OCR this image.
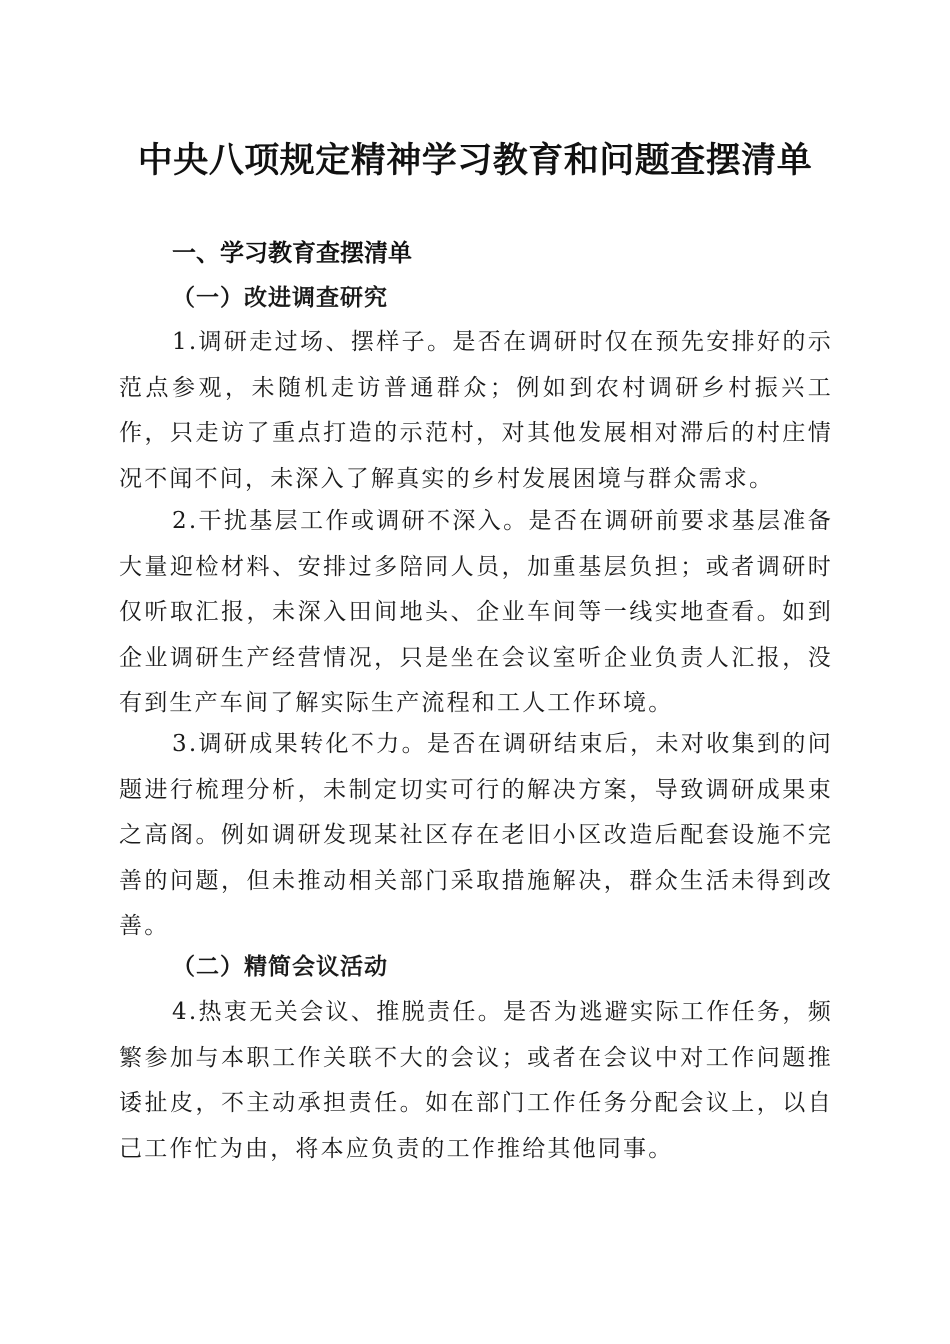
中央八项规定精神学习教育和问题查摆清单
一、学习教育查摆清单
（一）改进调查研究

1.调研走过场、摆样子。是否在调研时仅在预先安排好的示范点参观，未随机走访普通群众；例如到农村调研乡村振兴工作，只走访了重点打造的示范村，对其他发展相对滞后的村庄情况不闻不问，未深入了解真实的乡村发展困境与群众需求。

2.干扰基层工作或调研不深入。是否在调研前要求基层准备大量迎检材料、安排过多陪同人员，加重基层负担；或者调研时仅听取汇报，未深入田间地头、企业车间等一线实地查看。如到企业调研生产经营情况，只是坐在会议室听企业负责人汇报，没有到生产车间了解实际生产流程和工人工作环境。

3.调研成果转化不力。是否在调研结束后，未对收集到的问题进行梳理分析，未制定切实可行的解决方案，导致调研成果束之高阁。例如调研发现某社区存在老旧小区改造后配套设施不完善的问题，但未推动相关部门采取措施解决，群众生活未得到改善。

（二）精简会议活动

4.热衷无关会议、推脱责任。是否为逃避实际工作任务，频繁参加与本职工作关联不大的会议；或者在会议中对工作问题推诿扯皮，不主动承担责任。如在部门工作任务分配会议上，以自己工作忙为由，将本应负责的工作推给其他同事。
